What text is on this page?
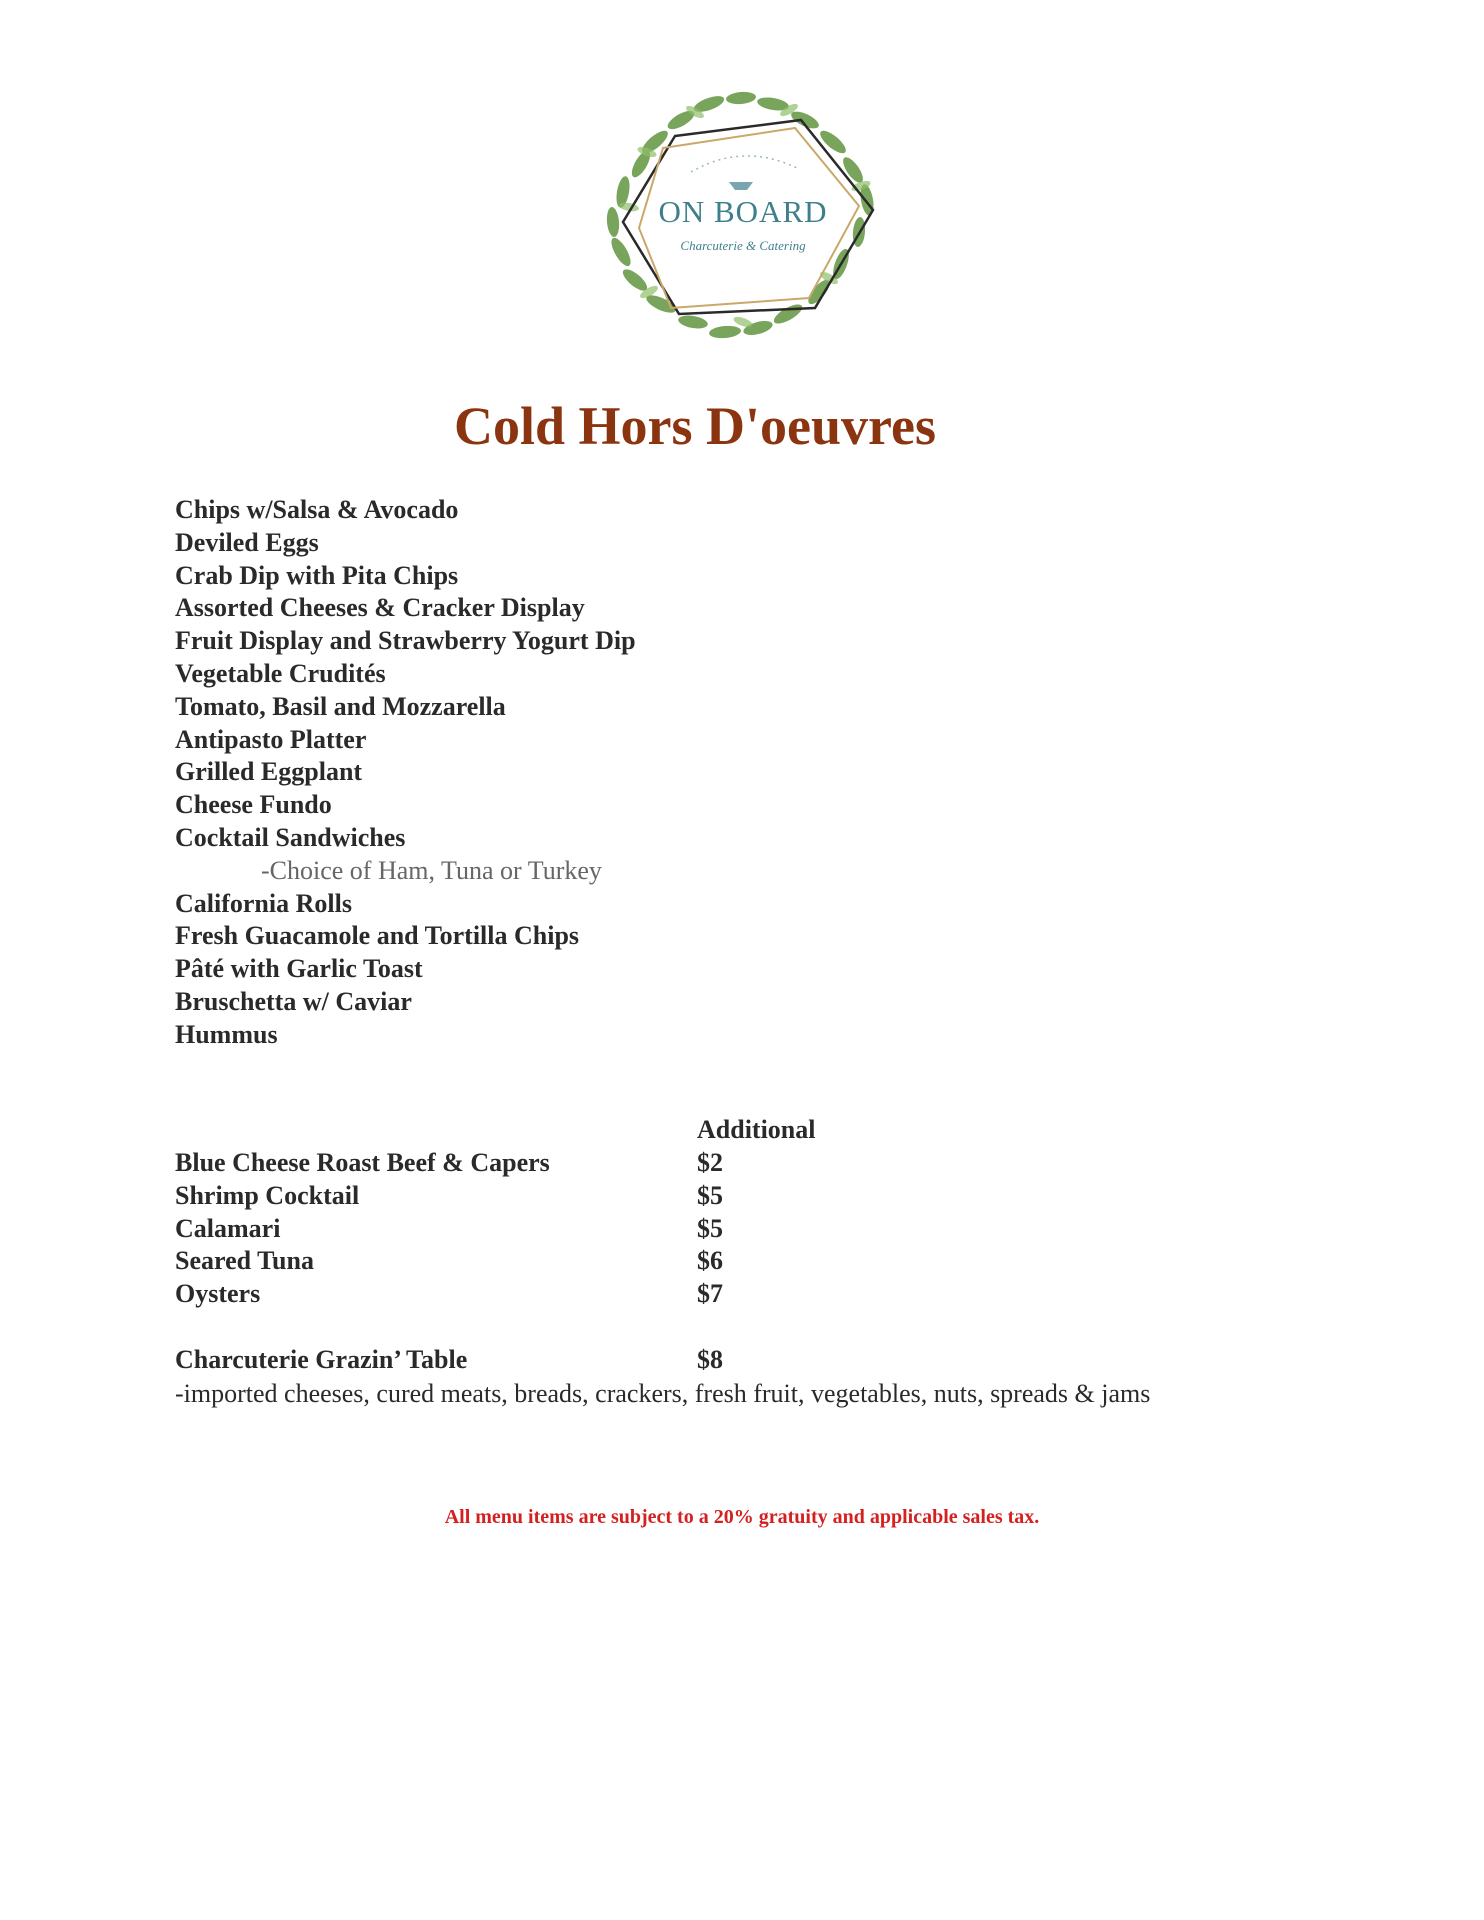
ON BOARD
Charcuterie & Catering
Cold Hors D'oeuvres
Chips w/Salsa & Avocado
Deviled Eggs
Crab Dip with Pita Chips
Assorted Cheeses & Cracker Display
Fruit Display and Strawberry Yogurt Dip
Vegetable Crudités
Tomato, Basil and Mozzarella
Antipasto Platter
Grilled Eggplant
Cheese Fundo
Cocktail Sandwiches
-Choice of Ham, Tuna or Turkey
California Rolls
Fresh Guacamole and Tortilla Chips
Pâté with Garlic Toast
Bruschetta w/ Caviar
Hummus
Additional
Blue Cheese Roast Beef & Capers	$2
Shrimp Cocktail	$5
Calamari	$5
Seared Tuna	$6
Oysters	$7
Charcuterie Grazin’ Table	$8
-imported cheeses, cured meats, breads, crackers, fresh fruit, vegetables, nuts, spreads & jams
All menu items are subject to a 20% gratuity and applicable sales tax.
